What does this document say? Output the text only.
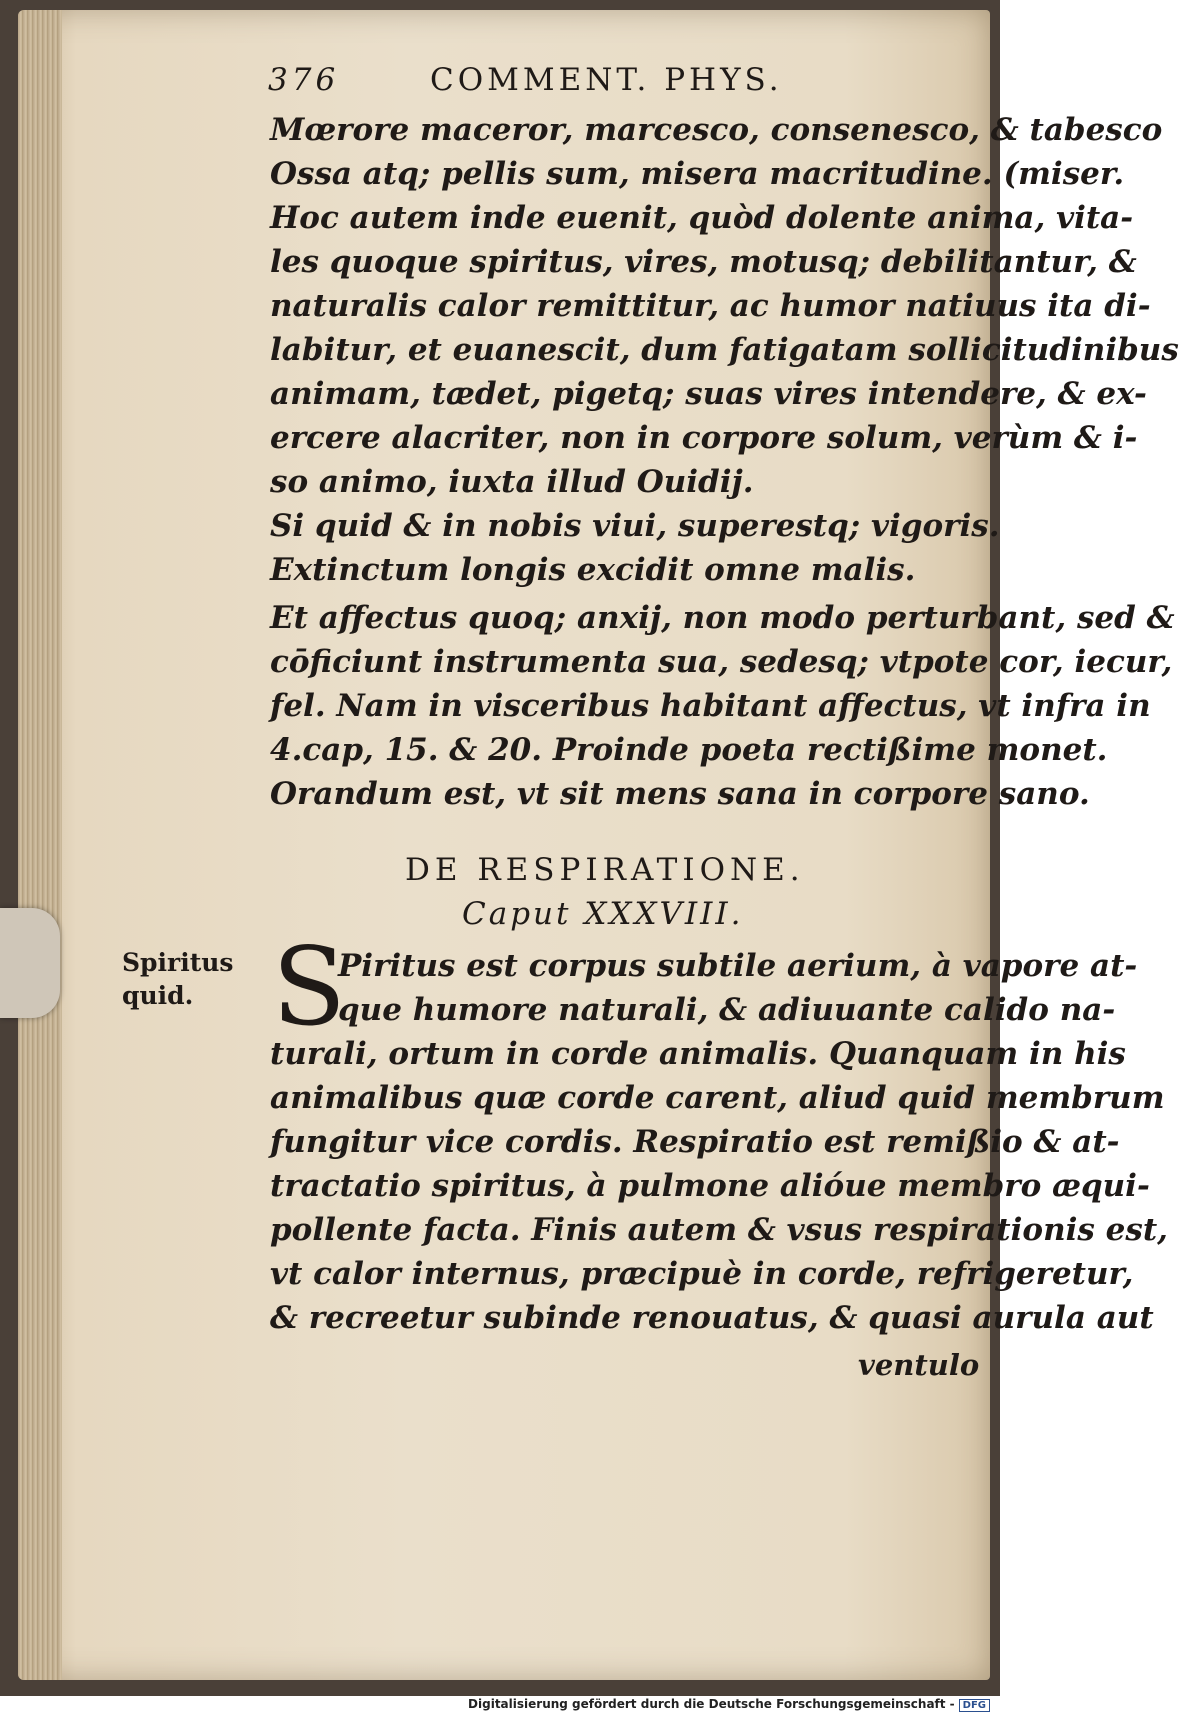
376	COMMENT. PHYS.
Mœrore maceror, marcesco, consenesco, & tabesco
Ossa atq; pellis sum, misera macritudine. (miser.
Hoc autem inde euenit, quòd dolente anima, vita-
les quoque spiritus, vires, motusq; debilitantur, &
naturalis calor remittitur, ac humor natiuus ita di-
labitur, et euanescit, dum fatigatam sollicitudinibus
animam, tædet, pigetq; suas vires intendere, & ex-
ercere alacriter, non in corpore solum, verùm & i-
so animo, iuxta illud Ouidij.
Si quid & in nobis viui, superestq; vigoris.
Extinctum longis excidit omne malis.
Et affectus quoq; anxij, non modo perturbant, sed &
cōficiunt instrumenta sua, sedesq; vtpote cor, iecur,
fel. Nam in visceribus habitant affectus, vt infra in
4.cap, 15. & 20. Proinde poeta rectißime monet.
Orandum est, vt sit mens sana in corpore sano.
DE RESPIRATIONE.
Caput XXXVIII.
Spiritus quid. S
Piritus est corpus subtile aerium, à vapore at-
que humore naturali, & adiuuante calido na-
turali, ortum in corde animalis. Quanquam in his
animalibus quæ corde carent, aliud quid membrum
fungitur vice cordis. Respiratio est remißio & at-
tractatio spiritus, à pulmone alióue membro æqui-
pollente facta. Finis autem & vsus respirationis est,
vt calor internus, præcipuè in corde, refrigeretur,
& recreetur subinde renouatus, & quasi aurula aut
ventulo
Digitalisierung gefördert durch die Deutsche Forschungsgemeinschaft - DFG
